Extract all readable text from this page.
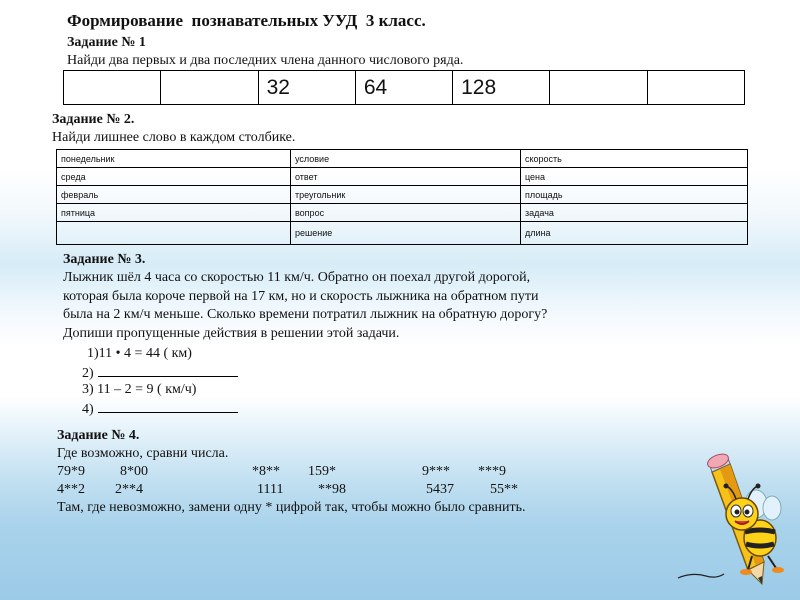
Формирование  познавательных УУД  3 класс.
Задание № 1
Найди два первых и два последних члена данного числового ряда.
		32	64	128		
Задание № 2.
Найди лишнее слово в каждом столбике.
понедельник	условие	скорость
среда	ответ	цена
февраль	треугольник	площадь
пятница	вопрос	задача
	решение	длина
Задание № 3.
Лыжник шёл 4 часа со скоростью 11 км/ч. Обратно он поехал другой дорогой,
которая была короче первой на 17 км, но и скорость лыжника на обратном пути
была на 2 км/ч меньше. Сколько времени потратил лыжник на обратную дорогу?
Допиши пропущенные действия в решении этой задачи.
1)11 • 4 = 44 ( км)
2)
3) 11 – 2 = 9 ( км/ч)
4)
Задание № 4.
Где возможно, сравни числа.
79*9	8*00	*8** 159*	9*** ***9
4**2 2**4	1111 **98	5437	55**
Там, где невозможно, замени одну * цифрой так, чтобы можно было сравнить.
